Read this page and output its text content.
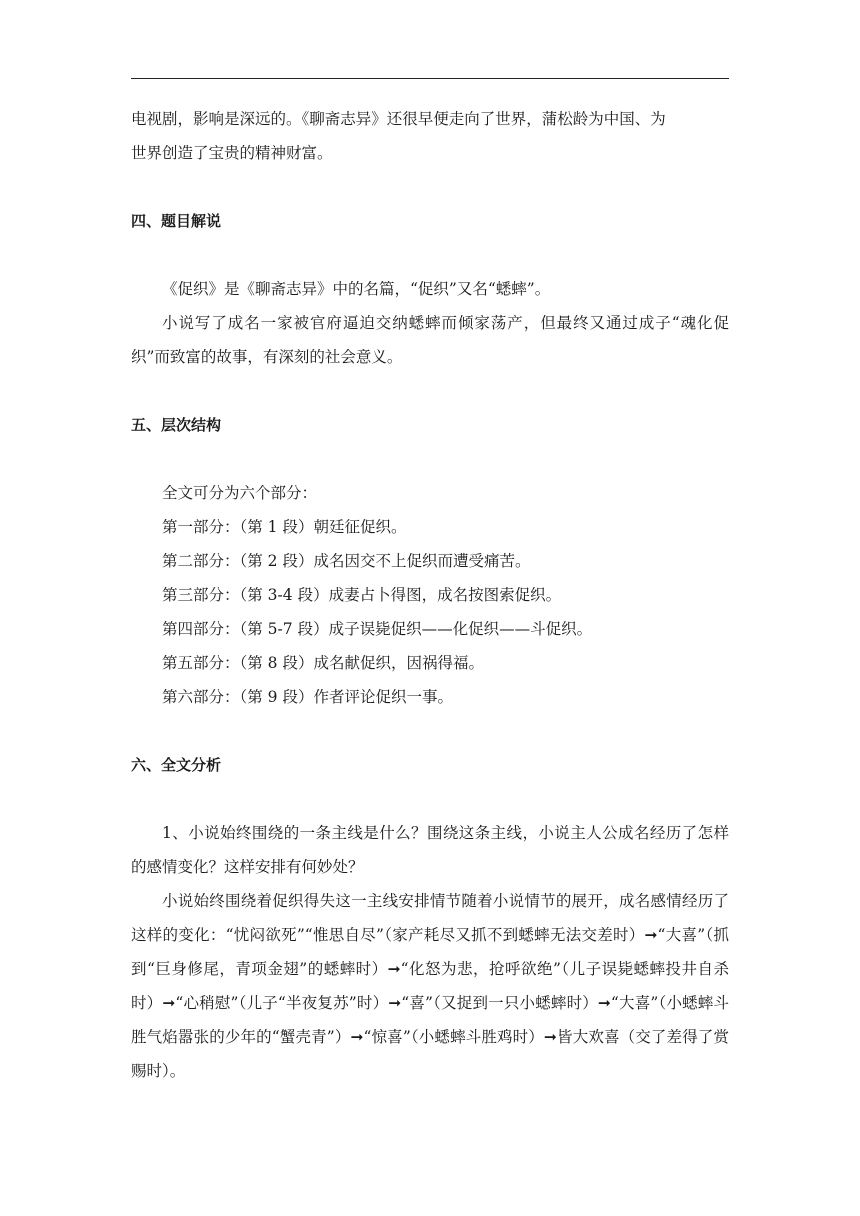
电视剧，影响是深远的。《聊斋志异》还很早便走向了世界，蒲松龄为中国、为
世界创造了宝贵的精神财富。

四、题目解说

《促织》是《聊斋志异》中的名篇，“促织”又名“蟋蟀”。

小说写了成名一家被官府逼迫交纳蟋蟀而倾家荡产，但最终又通过成子“魂化促织”而致富的故事，有深刻的社会意义。

五、层次结构

全文可分为六个部分：
第一部分：（第 1 段）朝廷征促织。
第二部分：（第 2 段）成名因交不上促织而遭受痛苦。
第三部分：（第 3-4 段）成妻占卜得图，成名按图索促织。
第四部分：（第 5-7 段）成子误毙促织——化促织——斗促织。
第五部分：（第 8 段）成名献促织，因祸得福。
第六部分：（第 9 段）作者评论促织一事。

六、全文分析

1、小说始终围绕的一条主线是什么？围绕这条主线，小说主人公成名经历了怎样的感情变化？这样安排有何妙处？

小说始终围绕着促织得失这一主线安排情节随着小说情节的展开，成名感情经历了这样的变化：“忧闷欲死”“惟思自尽”（家产耗尽又抓不到蟋蟀无法交差时）➞“大喜”（抓到“巨身修尾，青项金翅”的蟋蟀时）➞“化怒为悲，抢呼欲绝”（儿子误毙蟋蟀投井自杀时）➞“心稍慰”（儿子“半夜复苏”时）➞“喜”（又捉到一只小蟋蟀时）➞“大喜”（小蟋蟀斗胜气焰嚣张的少年的“蟹壳青”）➞“惊喜”（小蟋蟀斗胜鸡时）➞皆大欢喜（交了差得了赏赐时）。
